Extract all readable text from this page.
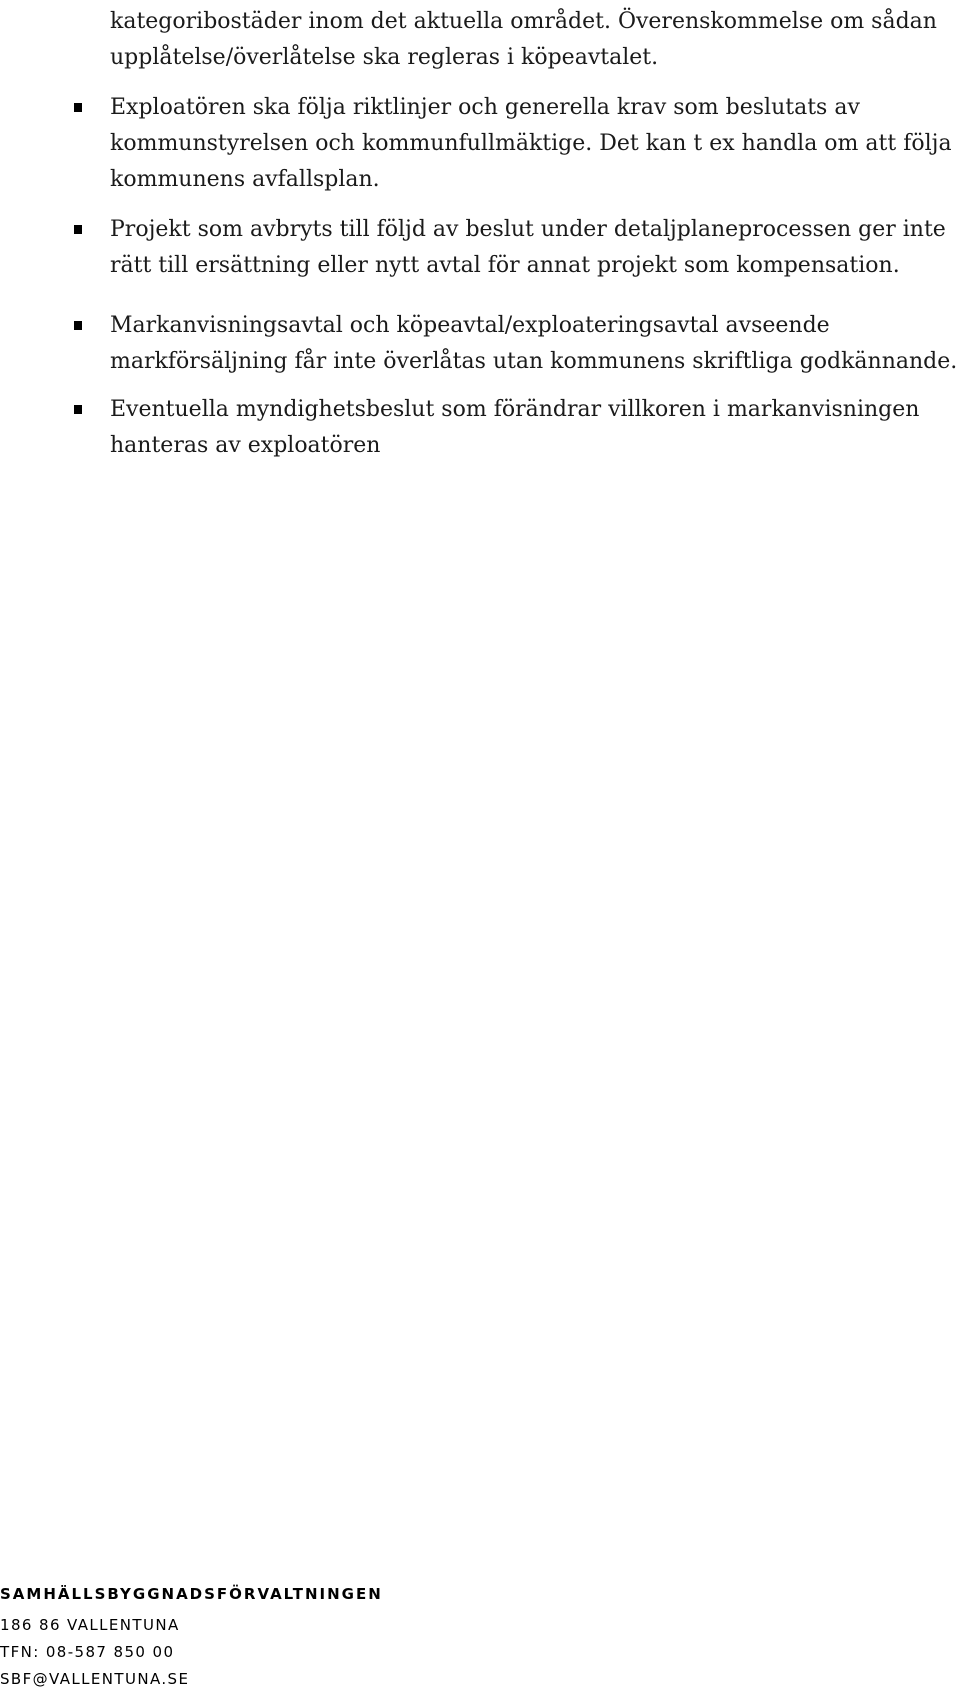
kategoribostäder inom det aktuella området. Överenskommelse om sådan upplåtelse/överlåtelse ska regleras i köpeavtalet.

Exploatören ska följa riktlinjer och generella krav som beslutats av kommunstyrelsen och kommunfullmäktige. Det kan t ex handla om att följa kommunens avfallsplan.
Projekt som avbryts till följd av beslut under detaljplaneprocessen ger inte rätt till ersättning eller nytt avtal för annat projekt som kompensation.
Markanvisningsavtal och köpeavtal/exploateringsavtal avseende markförsäljning får inte överlåtas utan kommunens skriftliga godkännande.
Eventuella myndighetsbeslut som förändrar villkoren i markanvisningen hanteras av exploatören

SAMHÄLLSBYGGNADSFÖRVALTNINGEN

186 86 VALLENTUNA

TFN: 08-587 850 00

SBF@VALLENTUNA.SE
